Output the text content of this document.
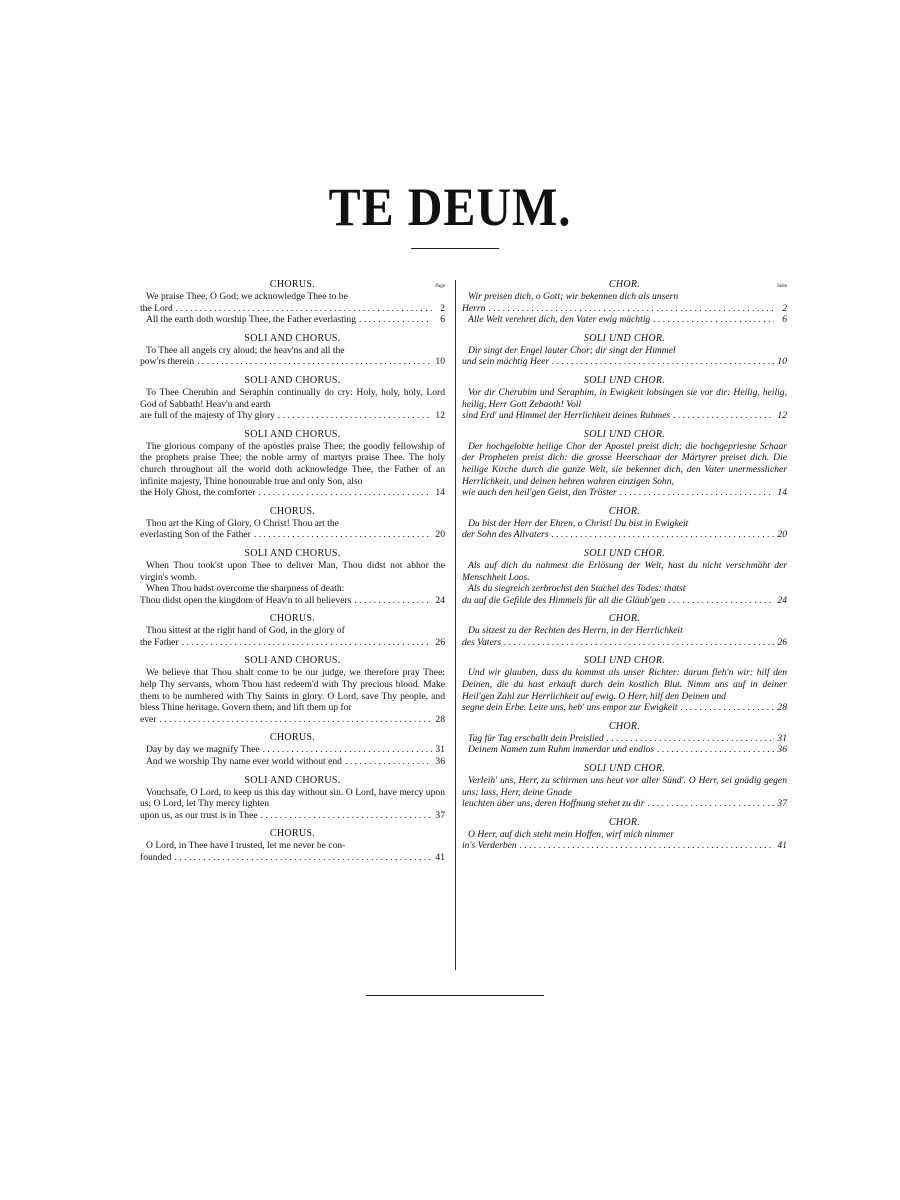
TE DEUM.
Page
CHORUS.
We praise Thee, O God; we acknowledge Thee to be
the Lord . . .	2
All the earth doth worship Thee, the Father everlasting . . .	6
SOLI AND CHORUS.
To Thee all angels cry aloud; the heav'ns and all the
pow'rs therein . . .	10
SOLI AND CHORUS.
To Thee Cherubin and Seraphin continually do cry: Holy, holy, holy, Lord God of Sabbath! Heav'n and earth
are full of the majesty of Thy glory . . .	12
SOLI AND CHORUS.
The glorious company of the apostles praise Thee; the goodly fellowship of the prophets praise Thee; the noble army of martyrs praise Thee. The holy church throughout all the world doth acknowledge Thee, the Father of an infinite majesty, Thine honourable true and only Son, also
the Holy Ghost, the comforter . . .	14
CHORUS.
Thou art the King of Glory, O Christ! Thou art the
everlasting Son of the Father . . .	20
SOLI AND CHORUS.
When Thou took'st upon Thee to deliver Man, Thou didst not abhor the virgin's womb.
When Thou hadst overcome the sharpness of death:
Thou didst open the kingdom of Heav'n to all believers . . .	24
CHORUS.
Thou sittest at the right hand of God, in the glory of
the Father . . .	26
SOLI AND CHORUS.
We believe that Thou shalt come to be our judge, we therefore pray Thee: help Thy servants, whom Thou hast redeem'd with Thy precious blood. Make them to be numbered with Thy Saints in glory. O Lord, save Thy people, and bless Thine heritage. Govern them, and lift them up for
ever . . .	28
CHORUS.
Day by day we magnify Thee . . .	31
And we worship Thy name ever world without end . . .	36
SOLI AND CHORUS.
Vouchsafe, O Lord, to keep us this day without sin. O Lord, have mercy upon us; O Lord, let Thy mercy lighten
upon us, as our trust is in Thee . . .	37
CHORUS.
O Lord, in Thee have I trusted, let me never be con-
founded . . .	41
Seite
CHOR.
Wir preisen dich, o Gott; wir bekennen dich als unsern
Herrn . . .	2
Alle Welt verehret dich, den Vater ewig mächtig . . .	6
SOLI UND CHOR.
Dir singt der Engel lauter Chor; dir singt der Himmel
und sein mächtig Heer . . .	10
SOLI UND CHOR.
Vor dir Cherubim und Seraphim, in Ewigkeit lobsingen sie vor dir: Heilig, heilig, heilig, Herr Gott Zebaoth! Voll
sind Erd' und Himmel der Herrlichkeit deines Ruhmes . . .	12
SOLI UND CHOR.
Der hochgelobte heilige Chor der Apostel preist dich; die hochgepriesne Schaar der Propheten preist dich: die grosse Heerschaar der Märtyrer preiset dich. Die heilige Kirche durch die ganze Welt, sie bekennet dich, den Vater unermesslicher Herrlichkeit, und deinen hehren wahren einzigen Sohn,
wie auch den heil'gen Geist, den Tröster . . .	14
CHOR.
Du bist der Herr der Ehren, o Christ! Du bist in Ewigkeit
der Sohn des Allvaters . . .	20
SOLI UND CHOR.
Als auf dich du nahmest die Erlösung der Welt, hast du nicht verschmäht der Menschheit Loos.
Als du siegreich zerbrochst den Stachel des Todes: thatst
du auf die Gefilde des Himmels für all die Gläub'gen . . .	24
CHOR.
Du sitzest zu der Rechten des Herrn, in der Herrlichkeit
des Vaters . . .	26
SOLI UND CHOR.
Und wir glauben, dass du kommst als unser Richter: darum fleh'n wir: hilf den Deinen, die du hast erkauft durch dein kostlich Blut. Nimm uns auf in deiner Heil'gen Zahl zur Herrlichkeit auf ewig. O Herr, hilf den Deinen und
segne dein Erbe. Leite uns, heb' uns empor zur Ewigkeit . . .	28
CHOR.
Tag für Tag erschallt dein Preislied . . .	31
Deinem Namen zum Ruhm immerdar und endlos . . .	36
SOLI UND CHOR.
Verleih' uns, Herr, zu schirmen uns heut vor aller Sünd'. O Herr, sei gnädig gegen uns; lass, Herr, deine Gnade
leuchten über uns, deren Hoffnung stehet zu dir . . .	37
CHOR.
O Herr, auf dich steht mein Hoffen, wirf mich nimmer
in's Verderben . . .	41
